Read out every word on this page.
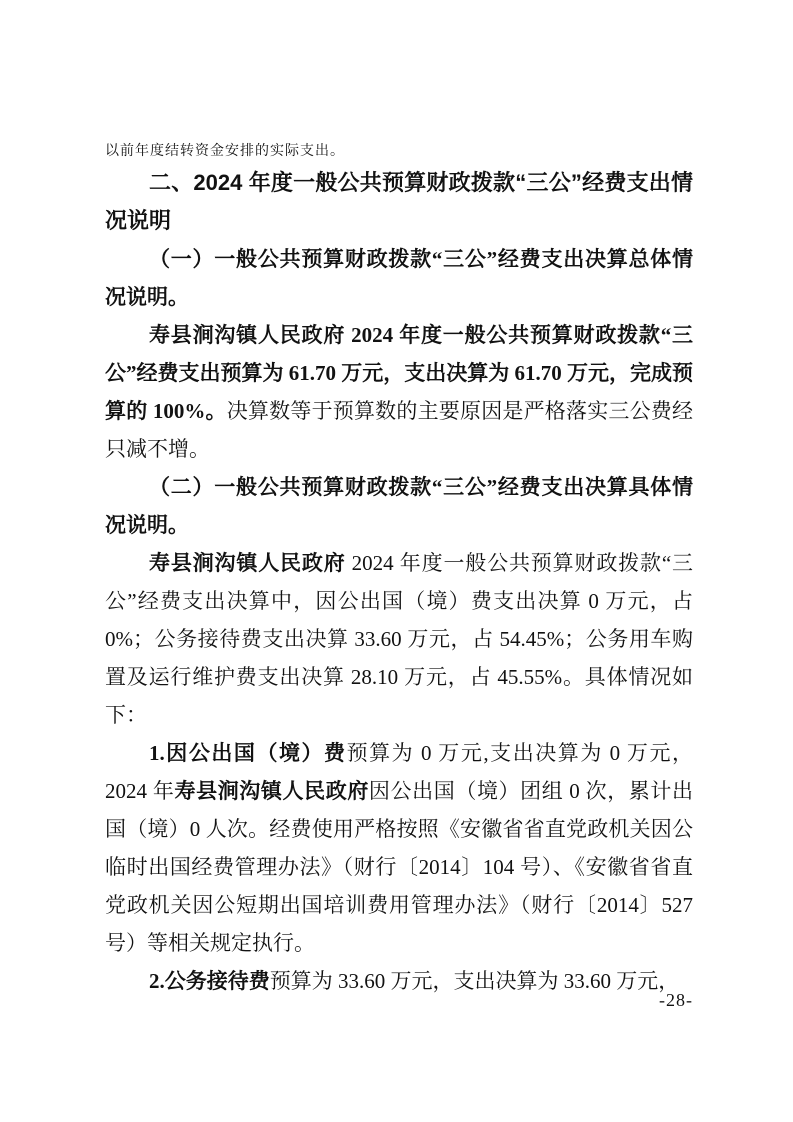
以前年度结转资金安排的实际支出。

二、2024 年度一般公共预算财政拨款“三公”经费支出情况说明

（一）一般公共预算财政拨款“三公”经费支出决算总体情况说明。

寿县涧沟镇人民政府 2024 年度一般公共预算财政拨款“三公”经费支出预算为 61.70 万元，支出决算为 61.70 万元，完成预算的 100%。决算数等于预算数的主要原因是严格落实三公费经只减不增。

（二）一般公共预算财政拨款“三公”经费支出决算具体情况说明。

寿县涧沟镇人民政府 2024 年度一般公共预算财政拨款“三公”经费支出决算中，因公出国（境）费支出决算 0 万元，占 0%；公务接待费支出决算 33.60 万元，占 54.45%；公务用车购置及运行维护费支出决算 28.10 万元，占 45.55%。具体情况如下：

1.因公出国（境）费预算为 0 万元,支出决算为 0 万元，2024 年寿县涧沟镇人民政府因公出国（境）团组 0 次，累计出国（境）0 人次。经费使用严格按照《安徽省省直党政机关因公临时出国经费管理办法》（财行〔2014〕104 号）、《安徽省省直党政机关因公短期出国培训费用管理办法》（财行〔2014〕527 号）等相关规定执行。

2.公务接待费预算为 33.60 万元，支出决算为 33.60 万元，

-28-
